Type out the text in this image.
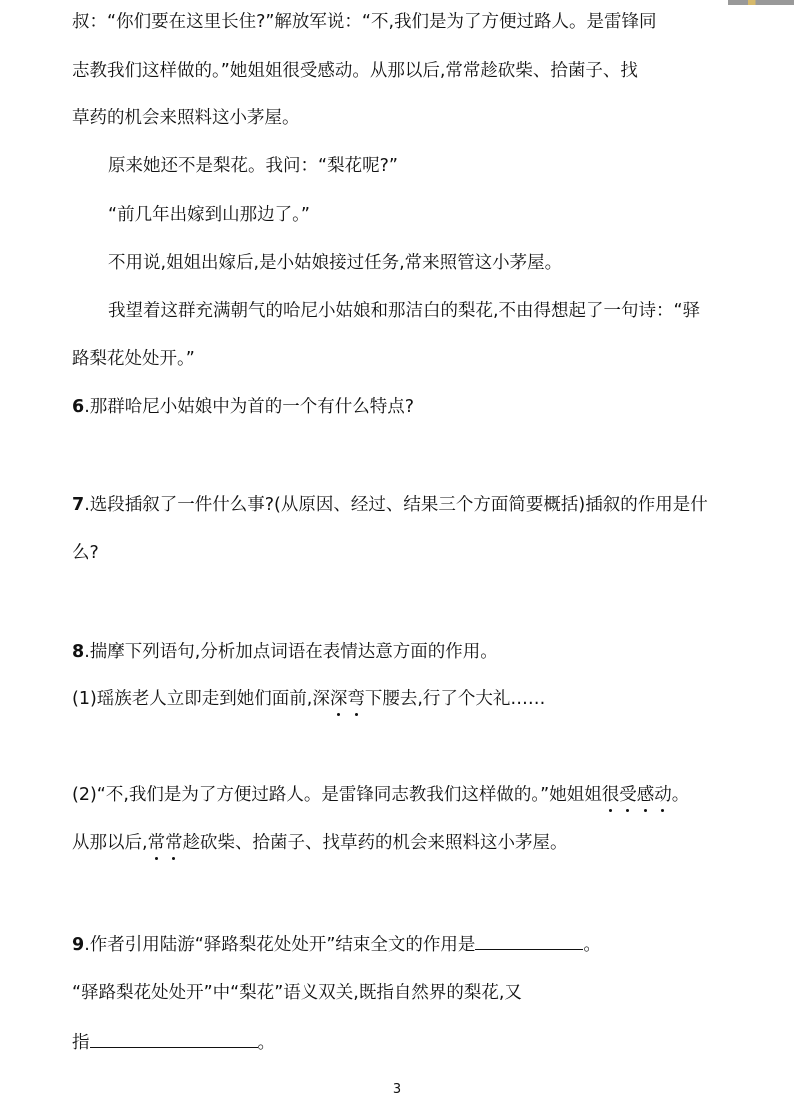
叔：“你们要在这里长住?”解放军说：“不,我们是为了方便过路人。是雷锋同
志教我们这样做的。”她姐姐很受感动。从那以后,常常趁砍柴、拾菌子、找
草药的机会来照料这小茅屋。
原来她还不是梨花。我问：“梨花呢?”
“前几年出嫁到山那边了。”
不用说,姐姐出嫁后,是小姑娘接过任务,常来照管这小茅屋。
我望着这群充满朝气的哈尼小姑娘和那洁白的梨花,不由得想起了一句诗：“驿
路梨花处处开。”
6.那群哈尼小姑娘中为首的一个有什么特点?
7.选段插叙了一件什么事?(从原因、经过、结果三个方面简要概括)插叙的作用是什
么?
8.揣摩下列语句,分析加点词语在表情达意方面的作用。
(1)瑶族老人立即走到她们面前,深深弯下腰去,行了个大礼……
(2)“不,我们是为了方便过路人。是雷锋同志教我们这样做的。”她姐姐很受感动。
从那以后,常常趁砍柴、拾菌子、找草药的机会来照料这小茅屋。
9.作者引用陆游“驿路梨花处处开”结束全文的作用是	。
“驿路梨花处处开”中“梨花”语义双关,既指自然界的梨花,又
指	。
3
